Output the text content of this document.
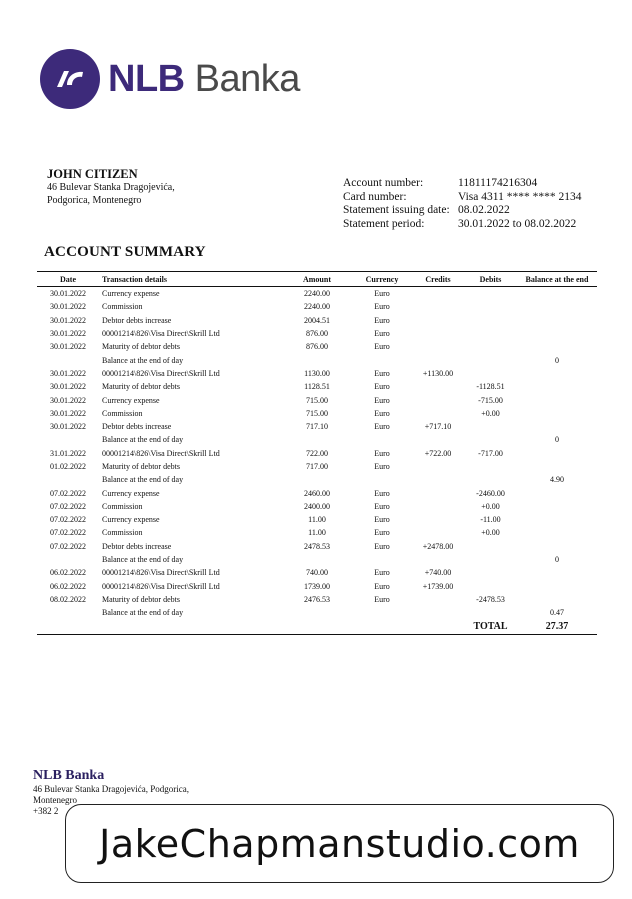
NLB Banka
JOHN CITIZEN
46 Bulevar Stanka Dragojevića,
Podgorica, Montenegro
Account number:	11811174216304
Card number:	Visa 4311 **** **** 2134
Statement issuing date: 08.02.2022
Statement period:	30.01.2022 to 08.02.2022
ACCOUNT SUMMARY
Date	Transaction details	Amount	Currency	Credits	Debits	Balance at the end
30.01.2022	Currency expense	2240.00	Euro			
30.01.2022	Commission	2240.00	Euro			
30.01.2022	Debtor debts increase	2004.51	Euro			
30.01.2022	00001214\826\Visa Direct\Skrill Ltd	876.00	Euro			
30.01.2022	Maturity of debtor debts	876.00	Euro			
	Balance at the end of day					0
30.01.2022	00001214\826\Visa Direct\Skrill Ltd	1130.00	Euro	+1130.00		
30.01.2022	Maturity of debtor debts	1128.51	Euro		-1128.51	
30.01.2022	Currency expense	715.00	Euro		-715.00	
30.01.2022	Commission	715.00	Euro		+0.00	
30.01.2022	Debtor debts increase	717.10	Euro	+717.10		
	Balance at the end of day					0
31.01.2022	00001214\826\Visa Direct\Skrill Ltd	722.00	Euro	+722.00	-717.00	
01.02.2022	Maturity of debtor debts	717.00	Euro			
	Balance at the end of day					4.90
07.02.2022	Currency expense	2460.00	Euro		-2460.00	
07.02.2022	Commission	2400.00	Euro		+0.00	
07.02.2022	Currency expense	11.00	Euro		-11.00	
07.02.2022	Commission	11.00	Euro		+0.00	
07.02.2022	Debtor debts increase	2478.53	Euro	+2478.00		
	Balance at the end of day					0
06.02.2022	00001214\826\Visa Direct\Skrill Ltd	740.00	Euro	+740.00		
06.02.2022	00001214\826\Visa Direct\Skrill Ltd	1739.00	Euro	+1739.00		
08.02.2022	Maturity of debtor debts	2476.53	Euro		-2478.53	
	Balance at the end of day					0.47
					TOTAL	27.37
NLB Banka
46 Bulevar Stanka Dragojevića, Podgorica,
Montenegro
+382 2
JakeChapmanstudio.com
